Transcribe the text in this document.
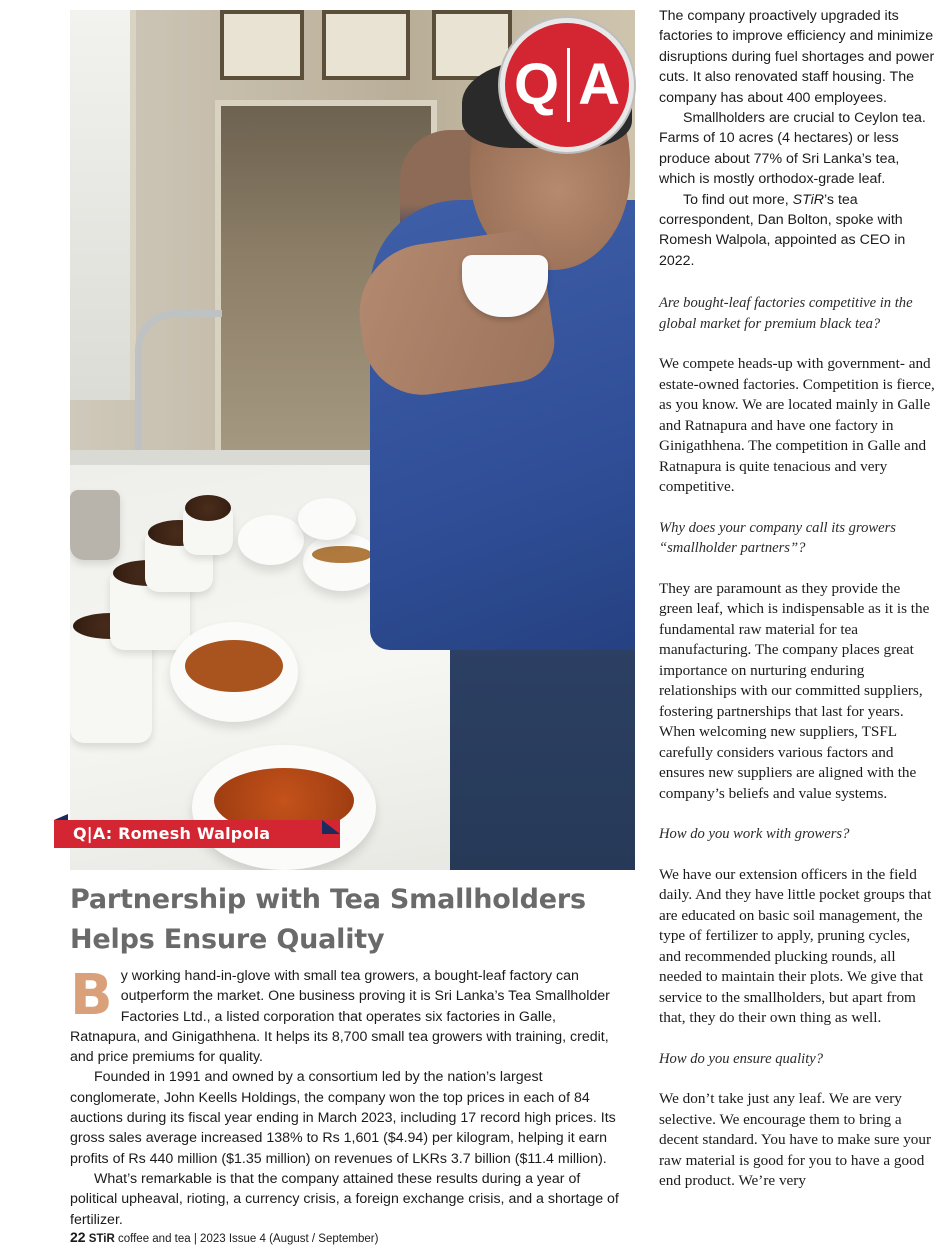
Q A
Q|A: Romesh Walpola
Partnership with Tea Smallholders
Helps Ensure Quality

By working hand-in-glove with small tea growers, a bought-leaf factory can outperform the market. One business proving it is Sri Lanka’s Tea Smallholder Factories Ltd., a listed corporation that operates six factories in Galle, Ratnapura, and Ginigathhena. It helps its 8,700 small tea growers with training, credit, and price premiums for quality.

Founded in 1991 and owned by a consortium led by the nation’s largest conglomerate, John Keells Holdings, the company won the top prices in each of 84 auctions during its fiscal year ending in March 2023, including 17 record high prices. Its gross sales average increased 138% to Rs 1,601 ($4.94) per kilogram, helping it earn profits of Rs 440 million ($1.35 million) on revenues of LKRs 3.7 billion ($11.4 million).

What’s remarkable is that the company attained these results during a year of political upheaval, rioting, a currency crisis, a foreign exchange crisis, and a shortage of fertilizer.

The company proactively upgraded its factories to improve efficiency and minimize disruptions during fuel shortages and power cuts. It also renovated staff housing. The company has about 400 employees.

Smallholders are crucial to Ceylon tea. Farms of 10 acres (4 hectares) or less produce about 77% of Sri Lanka’s tea, which is mostly orthodox-grade leaf.

To find out more, STiR’s tea correspondent, Dan Bolton, spoke with Romesh Walpola, appointed as CEO in 2022.

Are bought-leaf factories competitive in the global market for premium black tea?

We compete heads-up with government- and estate-owned factories. Competition is fierce, as you know. We are located mainly in Galle and Ratnapura and have one factory in Ginigathhena. The competition in Galle and Ratnapura is quite tenacious and very competitive.

Why does your company call its growers “smallholder partners”?

They are paramount as they provide the green leaf, which is indispensable as it is the fundamental raw material for tea manufacturing. The company places great importance on nurturing enduring relationships with our committed suppliers, fostering partnerships that last for years. When welcoming new suppliers, TSFL carefully considers various factors and ensures new suppliers are aligned with the company’s beliefs and value systems.

How do you work with growers?

We have our extension officers in the field daily. And they have little pocket groups that are educated on basic soil management, the type of fertilizer to apply, pruning cycles, and recommended plucking rounds, all needed to maintain their plots. We give that service to the smallholders, but apart from that, they do their own thing as well.

How do you ensure quality?

We don’t take just any leaf. We are very selective. We encourage them to bring a decent standard. You have to make sure your raw material is good for you to have a good end product. We’re very

22 STiR coffee and tea | 2023 Issue 4 (August / September)
